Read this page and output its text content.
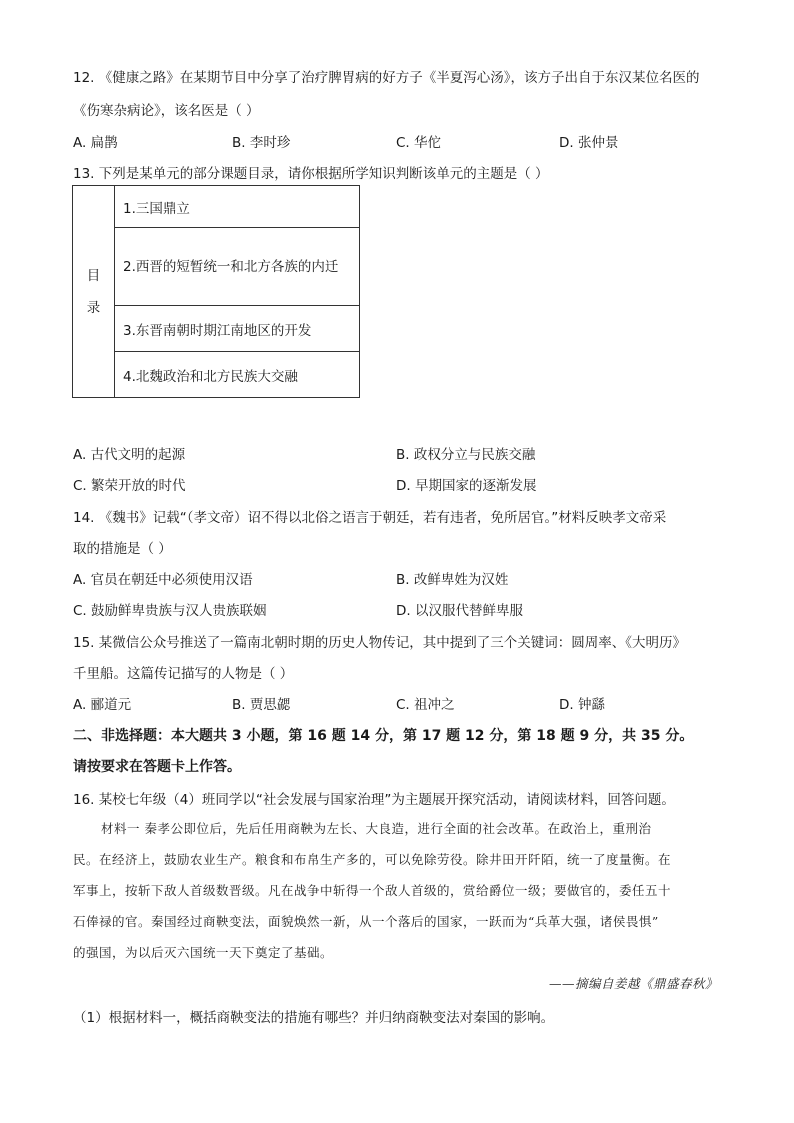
12. 《健康之路》在某期节目中分享了治疗脾胃病的好方子《半夏泻心汤》，该方子出自于东汉某位名医的
《伤寒杂病论》，该名医是（ ）
A. 扁鹊	B. 李时珍	C. 华佗	D. 张仲景
13. 下列是某单元的部分课题目录，请你根据所学知识判断该单元的主题是（ ）
目
录
	1.三国鼎立

2.西晋的短暂统一和北方各族的内迁

3.东晋南朝时期江南地区的开发
4.北魏政治和北方民族大交融
A. 古代文明的起源	B. 政权分立与民族交融
C. 繁荣开放的时代	D. 早期国家的逐渐发展
14. 《魏书》记载“（孝文帝）诏不得以北俗之语言于朝廷，若有违者，免所居官。”材料反映孝文帝采
取的措施是（ ）
A. 官员在朝廷中必须使用汉语	B. 改鲜卑姓为汉姓
C. 鼓励鲜卑贵族与汉人贵族联姻	D. 以汉服代替鲜卑服
15. 某微信公众号推送了一篇南北朝时期的历史人物传记，其中提到了三个关键词：圆周率、《大明历》
千里船。这篇传记描写的人物是（ ）
A. 郦道元	B. 贾思勰	C. 祖冲之	D. 钟繇
二、非选择题：本大题共 3 小题，第 16 题 14 分，第 17 题 12 分，第 18 题 9 分，共 35 分。
请按要求在答题卡上作答。
16. 某校七年级（4）班同学以“社会发展与国家治理”为主题展开探究活动，请阅读材料，回答问题。
材料一 秦孝公即位后，先后任用商鞅为左长、大良造，进行全面的社会改革。在政治上，重刑治
民。在经济上，鼓励农业生产。粮食和布帛生产多的，可以免除劳役。除井田开阡陌，统一了度量衡。在
军事上，按斩下敌人首级数晋级。凡在战争中斩得一个敌人首级的，赏给爵位一级；要做官的，委任五十
石俸禄的官。秦国经过商鞅变法，面貌焕然一新，从一个落后的国家，一跃而为“兵革大强，诸侯畏惧”
的强国，为以后灭六国统一天下奠定了基础。
——摘编自姜越《鼎盛春秋》
（1）根据材料一，概括商鞅变法的措施有哪些？并归纳商鞅变法对秦国的影响。
